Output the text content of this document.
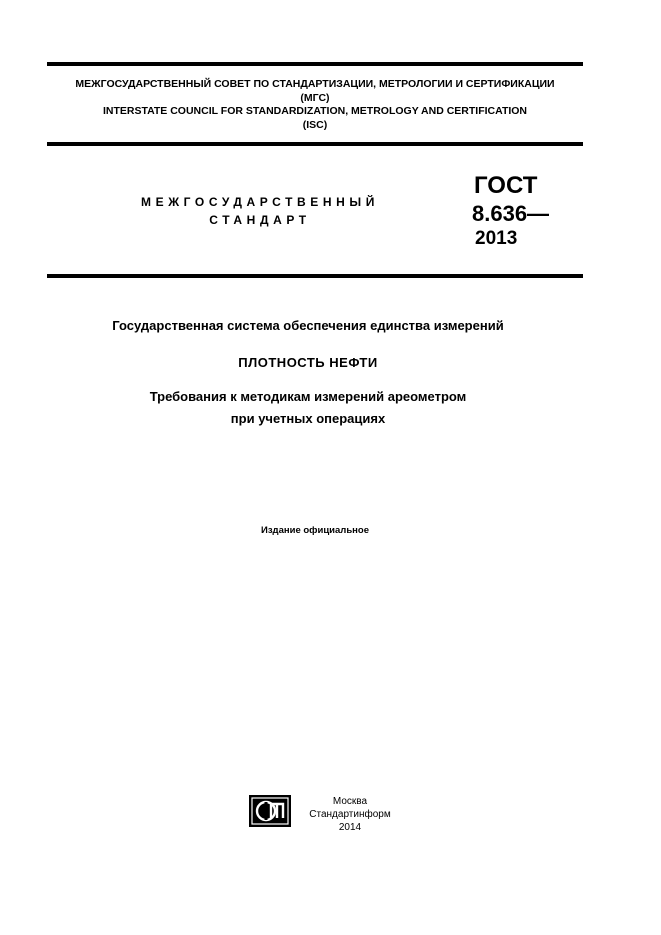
МЕЖГОСУДАРСТВЕННЫЙ СОВЕТ ПО СТАНДАРТИЗАЦИИ, МЕТРОЛОГИИ И СЕРТИФИКАЦИИ
(МГС)
INTERSTATE COUNCIL FOR STANDARDIZATION, METROLOGY AND CERTIFICATION
(ISC)
МЕЖГОСУДАРСТВЕННЫЙ
СТАНДАРТ
ГОСТ
8.636—
2013
Государственная система обеспечения единства измерений
ПЛОТНОСТЬ НЕФТИ
Требования к методикам измерений ареометром
при учетных операциях
Издание официальное
Москва
Стандартинформ
2014
